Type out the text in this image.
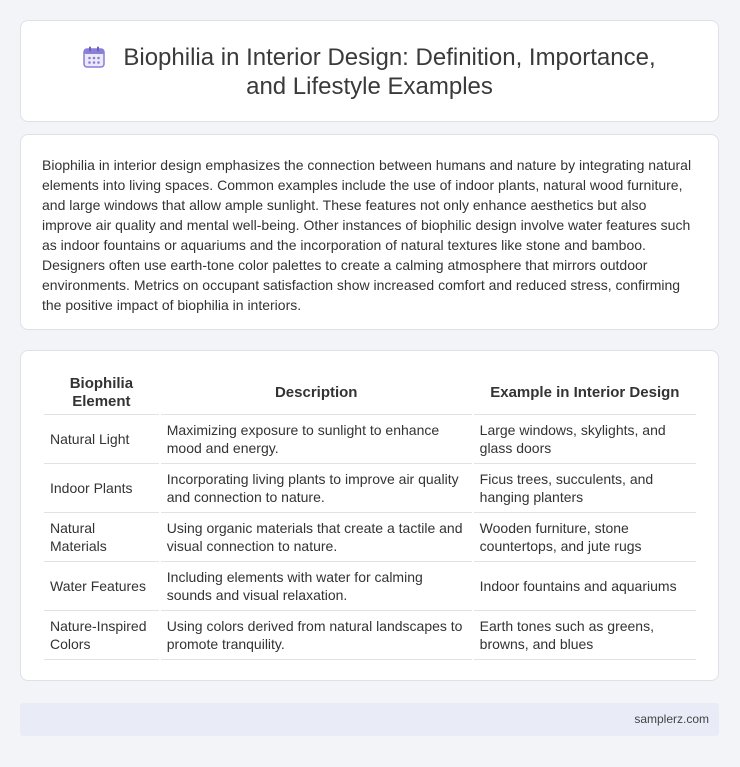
Biophilia in Interior Design: Definition, Importance, and Lifestyle Examples

Biophilia in interior design emphasizes the connection between humans and nature by integrating natural elements into living spaces. Common examples include the use of indoor plants, natural wood furniture, and large windows that allow ample sunlight. These features not only enhance aesthetics but also improve air quality and mental well-being. Other instances of biophilic design involve water features such as indoor fountains or aquariums and the incorporation of natural textures like stone and bamboo. Designers often use earth-tone color palettes to create a calming atmosphere that mirrors outdoor environments. Metrics on occupant satisfaction show increased comfort and reduced stress, confirming the positive impact of biophilia in interiors.

Biophilia Element	Description	Example in Interior Design
Natural Light	Maximizing exposure to sunlight to enhance mood and energy.	Large windows, skylights, and glass doors
Indoor Plants	Incorporating living plants to improve air quality and connection to nature.	Ficus trees, succulents, and hanging planters
Natural Materials	Using organic materials that create a tactile and visual connection to nature.	Wooden furniture, stone countertops, and jute rugs
Water Features	Including elements with water for calming sounds and visual relaxation.	Indoor fountains and aquariums
Nature-Inspired Colors	Using colors derived from natural landscapes to promote tranquility.	Earth tones such as greens, browns, and blues
samplerz.com
